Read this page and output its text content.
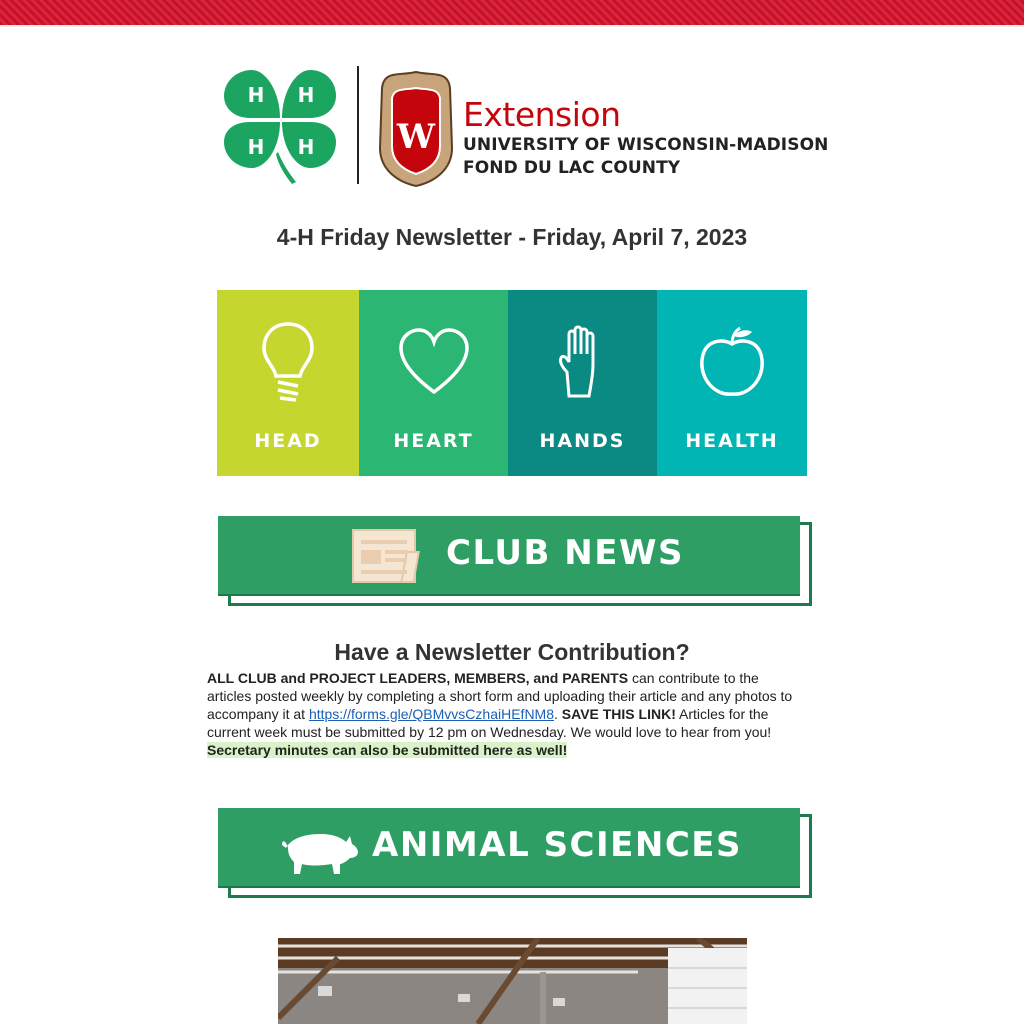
H H
H H W
Extension
UNIVERSITY OF WISCONSIN-MADISON
FOND DU LAC COUNTY
4-H Friday Newsletter - Friday, April 7, 2023
HEAD	HEART	HANDS	HEALTH
CLUB NEWS
Have a Newsletter Contribution?
ALL CLUB and PROJECT LEADERS, MEMBERS, and PARENTS can contribute to the articles posted weekly by completing a short form and uploading their article and any photos to accompany it at https://forms.gle/QBMvvsCzhaiHEfNM8. SAVE THIS LINK! Articles for the current week must be submitted by 12 pm on Wednesday. We would love to hear from you!
Secretary minutes can also be submitted here as well!
ANIMAL SCIENCES
